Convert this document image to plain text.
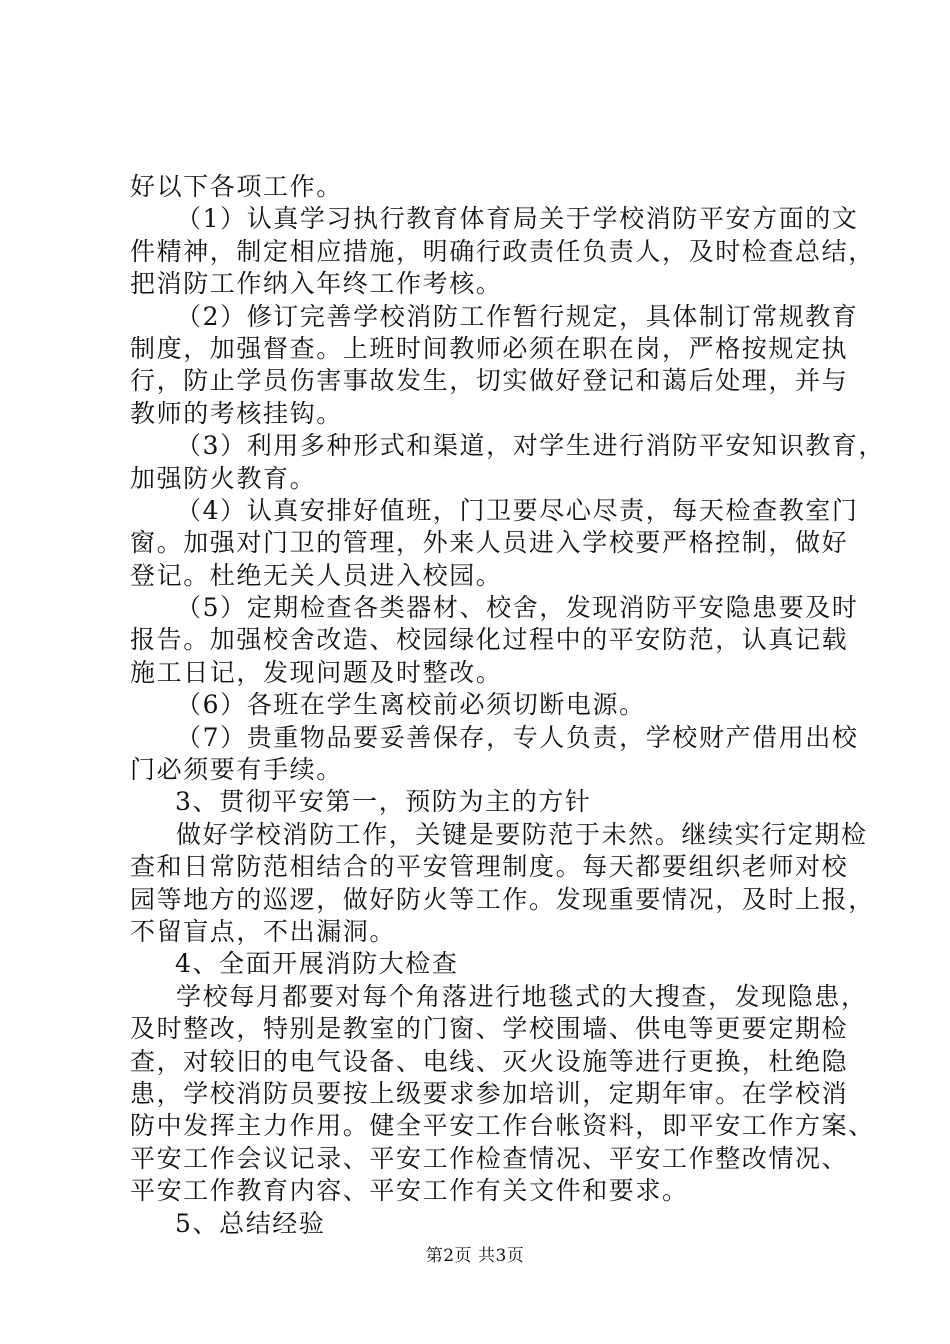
好以下各项工作。
（1）认真学习执行教育体育局关于学校消防平安方面的文
件精神，制定相应措施，明确行政责任负责人，及时检查总结，
把消防工作纳入年终工作考核。
（2）修订完善学校消防工作暂行规定，具体制订常规教育
制度，加强督查。上班时间教师必须在职在岗，严格按规定执
行，防止学员伤害事故发生，切实做好登记和蔼后处理，并与
教师的考核挂钩。
（3）利用多种形式和渠道，对学生进行消防平安知识教育，
加强防火教育。
（4）认真安排好值班，门卫要尽心尽责，每天检查教室门
窗。加强对门卫的管理，外来人员进入学校要严格控制，做好
登记。杜绝无关人员进入校园。
（5）定期检查各类器材、校舍，发现消防平安隐患要及时
报告。加强校舍改造、校园绿化过程中的平安防范，认真记载
施工日记，发现问题及时整改。
（6）各班在学生离校前必须切断电源。
（7）贵重物品要妥善保存，专人负责，学校财产借用出校
门必须要有手续。
3、贯彻平安第一，预防为主的方针
做好学校消防工作，关键是要防范于未然。继续实行定期检
查和日常防范相结合的平安管理制度。每天都要组织老师对校
园等地方的巡逻，做好防火等工作。发现重要情况，及时上报，
不留盲点，不出漏洞。
4、全面开展消防大检查
学校每月都要对每个角落进行地毯式的大搜查，发现隐患，
及时整改，特别是教室的门窗、学校围墙、供电等更要定期检
查，对较旧的电气设备、电线、灭火设施等进行更换，杜绝隐
患，学校消防员要按上级要求参加培训，定期年审。在学校消
防中发挥主力作用。健全平安工作台帐资料，即平安工作方案、
平安工作会议记录、平安工作检查情况、平安工作整改情况、
平安工作教育内容、平安工作有关文件和要求。
5、总结经验
第2页 共3页
